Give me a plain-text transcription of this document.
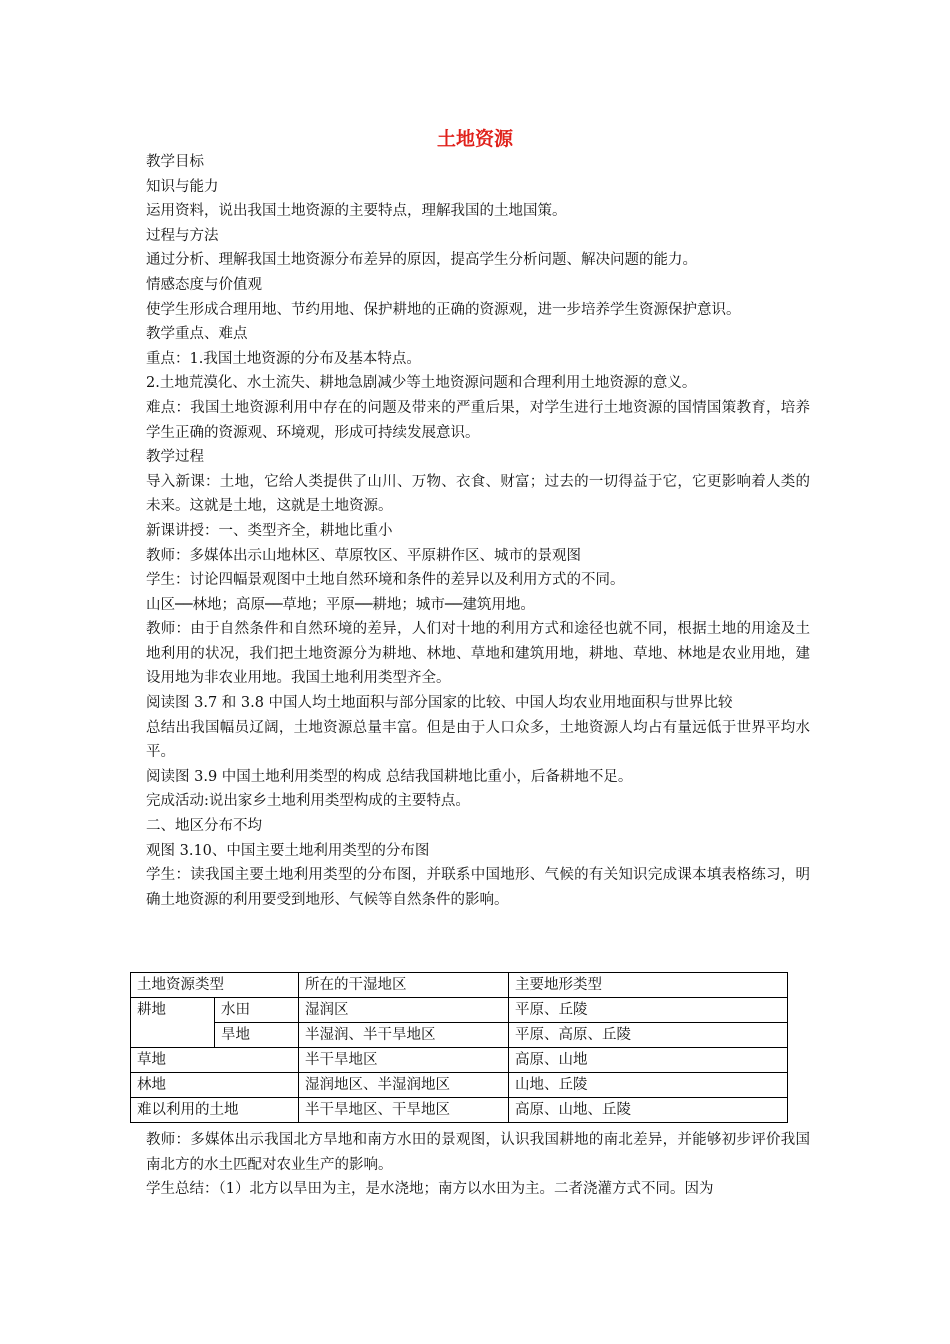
土地资源

教学目标

知识与能力

运用资料，说出我国土地资源的主要特点，理解我国的土地国策。

过程与方法

通过分析、理解我国土地资源分布差异的原因，提高学生分析问题、解决问题的能力。

情感态度与价值观

使学生形成合理用地、节约用地、保护耕地的正确的资源观，进一步培养学生资源保护意识。

教学重点、难点

重点：1.我国土地资源的分布及基本特点。

2.土地荒漠化、水土流失、耕地急剧减少等土地资源问题和合理利用土地资源的意义。

难点：我国土地资源利用中存在的问题及带来的严重后果，对学生进行土地资源的国情国策教育，培养学生正确的资源观、环境观，形成可持续发展意识。

教学过程

导入新课：土地，它给人类提供了山川、万物、衣食、财富；过去的一切得益于它，它更影响着人类的未来。这就是土地，这就是土地资源。

新课讲授：一、类型齐全，耕地比重小

教师：多媒体出示山地林区、草原牧区、平原耕作区、城市的景观图

学生：讨论四幅景观图中土地自然环境和条件的差异以及利用方式的不同。

山区──林地；高原──草地；平原──耕地；城市──建筑用地。

教师：由于自然条件和自然环境的差异，人们对十地的利用方式和途径也就不同，根据土地的用途及土地利用的状况，我们把土地资源分为耕地、林地、草地和建筑用地，耕地、草地、林地是农业用地，建设用地为非农业用地。我国土地利用类型齐全。

阅读图 3.7 和 3.8 中国人均土地面积与部分国家的比较、中国人均农业用地面积与世界比较

总结出我国幅员辽阔，土地资源总量丰富。但是由于人口众多，土地资源人均占有量远低于世界平均水平。

阅读图 3.9 中国土地利用类型的构成 总结我国耕地比重小，后备耕地不足。

完成活动:说出家乡土地利用类型构成的主要特点。

二、地区分布不均

观图 3.10、中国主要土地利用类型的分布图

学生：读我国主要土地利用类型的分布图，并联系中国地形、气候的有关知识完成课本填表格练习，明确土地资源的利用要受到地形、气候等自然条件的影响。

土地资源类型		所在的干湿地区	主要地形类型
耕地	水田	湿润区	平原、丘陵
	旱地	半湿润、半干旱地区	平原、高原、丘陵
草地		半干旱地区	高原、山地
林地		湿润地区、半湿润地区	山地、丘陵
难以利用的土地		半干旱地区、干旱地区	高原、山地、丘陵

教师：多媒体出示我国北方旱地和南方水田的景观图，认识我国耕地的南北差异，并能够初步评价我国南北方的水土匹配对农业生产的影响。

学生总结：（1）北方以旱田为主，是水浇地；南方以水田为主。二者浇灌方式不同。因为
